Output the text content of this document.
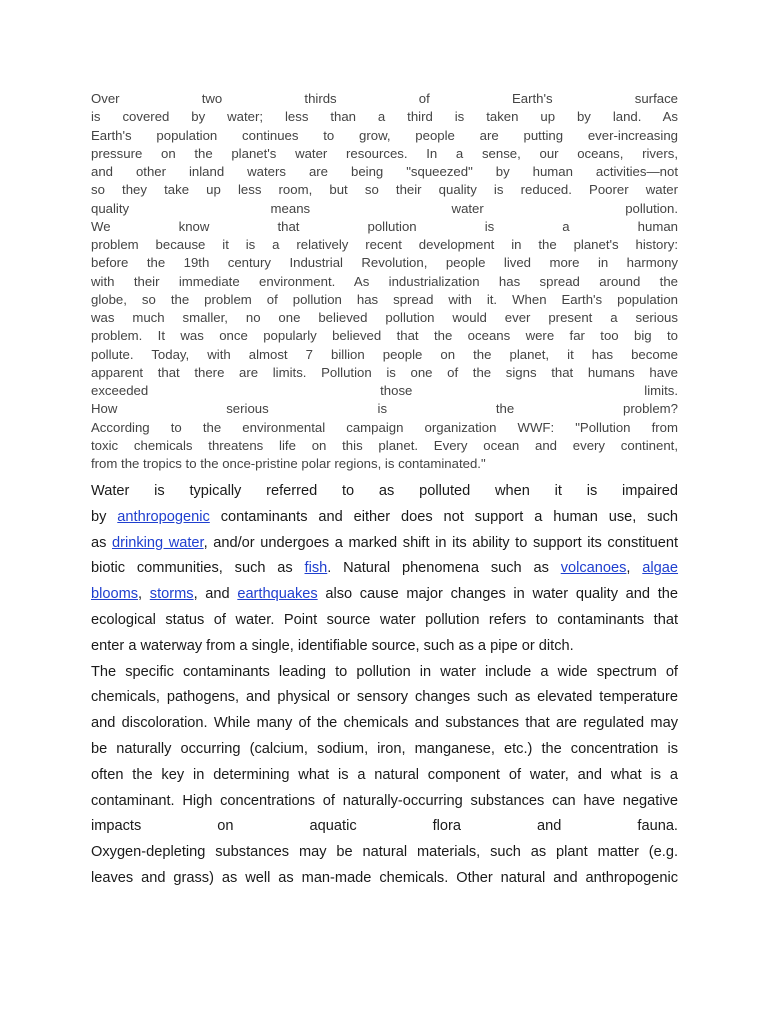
Over two thirds of Earth's surface
is covered by water; less than a third is taken up by land. As
Earth's population continues to grow, people are putting ever-increasing
pressure on the planet's water resources. In a sense, our oceans, rivers,
and other inland waters are being "squeezed" by human activities—not
so they take up less room, but so their quality is reduced. Poorer water
quality means water pollution.
We know that pollution is a human
problem because it is a relatively recent development in the planet's history:
before the 19th century Industrial Revolution, people lived more in harmony
with their immediate environment. As industrialization has spread around the
globe, so the problem of pollution has spread with it. When Earth's population
was much smaller, no one believed pollution would ever present a serious
problem. It was once popularly believed that the oceans were far too big to
pollute. Today, with almost 7 billion people on the planet, it has become
apparent that there are limits. Pollution is one of the signs that humans have
exceeded those limits.
How serious is the problem?
According to the environmental campaign organization WWF: "Pollution from
toxic chemicals threatens life on this planet. Every ocean and every continent,
from the tropics to the once-pristine polar regions, is contaminated."
Water is typically referred to as polluted when it is impaired
by anthropogenic contaminants and either does not support a human use, such
as drinking water, and/or undergoes a marked shift in its ability to support its constituent
biotic communities, such as fish. Natural phenomena such as volcanoes, algae
blooms, storms, and earthquakes also cause major changes in water quality and the
ecological status of water. Point source water pollution refers to contaminants that
enter a waterway from a single, identifiable source, such as a pipe or ditch.
The specific contaminants leading to pollution in water include a wide spectrum of
chemicals, pathogens, and physical or sensory changes such as elevated temperature
and discoloration. While many of the chemicals and substances that are regulated may
be naturally occurring (calcium, sodium, iron, manganese, etc.) the concentration is
often the key in determining what is a natural component of water, and what is a
contaminant. High concentrations of naturally-occurring substances can have negative
impacts on aquatic flora and fauna.
Oxygen-depleting substances may be natural materials, such as plant matter (e.g.
leaves and grass) as well as man-made chemicals. Other natural and anthropogenic
